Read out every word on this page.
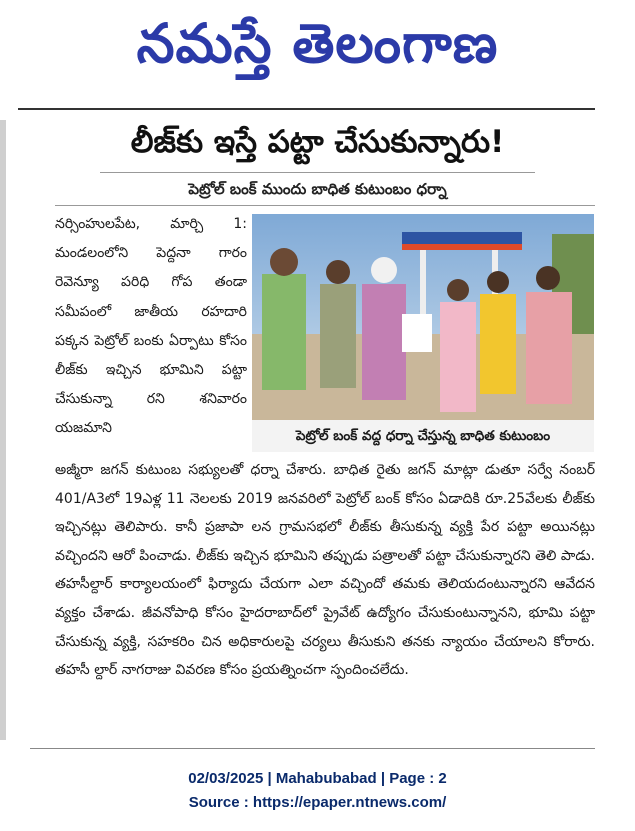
నమస్తే తెలంగాణ
లీజ్‌కు ఇస్తే పట్టా చేసుకున్నారు!
పెట్రోల్ బంక్ ముందు బాధిత కుటుంబం ధర్నా
నర్సింహులపేట, మార్చి 1: మండలంలోని పెద్దనా గారం రెవెన్యూ పరిధి గోప తండా సమీపంలో జాతీయ రహదారి పక్కన పెట్రోల్ బంకు ఏర్పాటు కోసం లీజ్‌కు ఇచ్చిన భూమిని పట్టా చేసుకున్నా రని శనివారం యజమాని	పెట్రోల్ బంక్ వద్ద ధర్నా చేస్తున్న బాధిత కుటుంబం
అజ్మీరా జగన్ కుటుంబ సభ్యులతో ధర్నా చేశారు. బాధిత రైతు జగన్ మాట్లా డుతూ సర్వే నంబర్ 401/A3లో 19ఎళ్ల 11 నెలలకు 2019 జనవరిలో పెట్రోల్ బంక్ కోసం ఏడాదికి రూ.25వేలకు లీజ్‌కు ఇచ్చినట్లు తెలిపారు. కానీ ప్రజాపా లన గ్రామసభలో లీజ్‌కు తీసుకున్న వ్యక్తి పేర పట్టా అయినట్లు వచ్చిందని ఆరో పించాడు. లీజ్‌కు ఇచ్చిన భూమిని తప్పుడు పత్రాలతో పట్టా చేసుకున్నారని తెలి పాడు. తహసీల్దార్ కార్యాలయంలో ఫిర్యాదు చేయగా ఎలా వచ్చిందో తమకు తెలియదంటున్నారని ఆవేదన వ్యక్తం చేశాడు. జీవనోపాధి కోసం హైదరాబాద్‌లో ప్రైవేట్ ఉద్యోగం చేసుకుంటున్నానని, భూమి పట్టా చేసుకున్న వ్యక్తి, సహకరిం చిన అధికారులపై చర్యలు తీసుకుని తనకు న్యాయం చేయాలని కోరారు. తహసీ ల్దార్ నాగరాజు వివరణ కోసం ప్రయత్నించగా స్పందించలేదు.
02/03/2025 | Mahabubabad | Page : 2
Source : https://epaper.ntnews.com/
